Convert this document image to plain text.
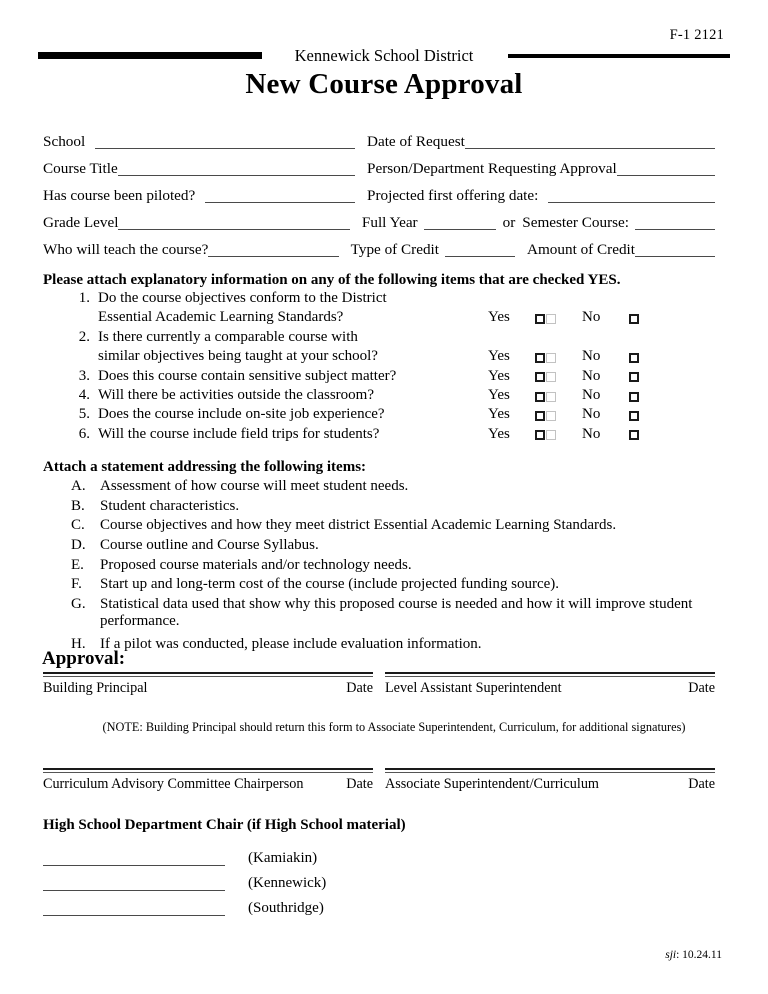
F-1 2121
Kennewick School District
New Course Approval
School	Date of Request
Course Title	Person/Department Requesting Approval
Has course been piloted?	Projected first offering date:
Grade Level	Full Year	or Semester Course:
Who will teach the course?	Type of Credit	Amount of Credit
Please attach explanatory information on any of the following items that are checked YES.
1. Do the course objectives conform to the District
Essential Academic Learning Standards?	Yes	No
2. Is there currently a comparable course with
similar objectives being taught at your school?	Yes	No
3. Does this course contain sensitive subject matter?	Yes	No
4. Will there be activities outside the classroom?	Yes	No
5. Does the course include on-site job experience?	Yes	No
6. Will the course include field trips for students?	Yes	No
Attach a statement addressing the following items:
A. Assessment of how course will meet student needs.
B. Student characteristics.
C. Course objectives and how they meet district Essential Academic Learning Standards.
D. Course outline and Course Syllabus.
E.	Proposed course materials and/or technology needs.
F.	Start up and long-term cost of the course (include projected funding source).
G. Statistical data used that show why this proposed course is needed and how it will improve student performance.
H. If a pilot was conducted, please include evaluation information.
Approval:
Building Principal	Date Level Assistant Superintendent	Date
(NOTE: Building Principal should return this form to Associate Superintendent, Curriculum, for additional signatures)
Curriculum Advisory Committee Chairperson	Date Associate Superintendent/Curriculum	Date
High School Department Chair (if High School material)
(Kamiakin)
(Kennewick)
(Southridge)
sji: 10.24.11
